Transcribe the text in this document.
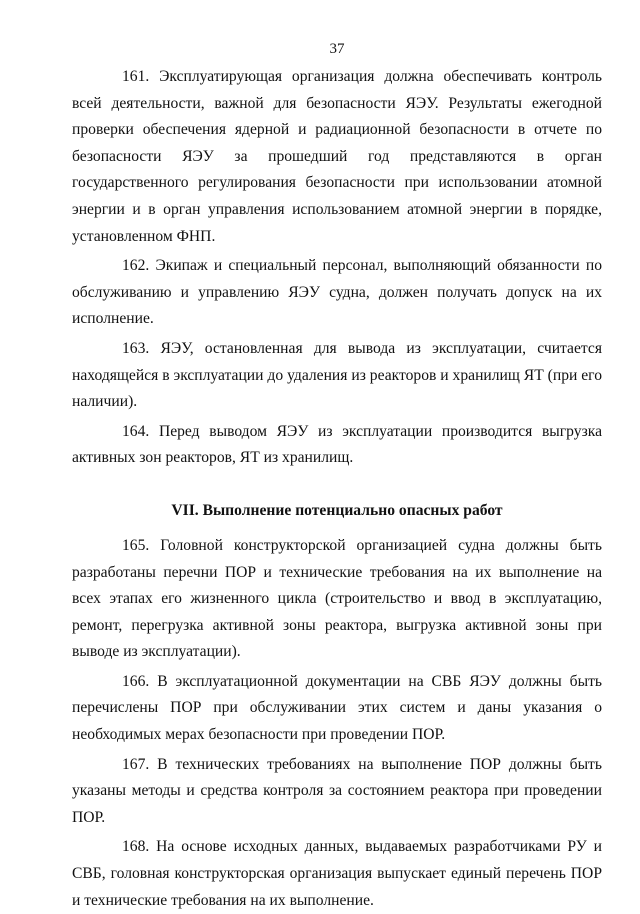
37

161. Эксплуатирующая организация должна обеспечивать контроль всей деятельности, важной для безопасности ЯЭУ. Результаты ежегодной проверки обеспечения ядерной и радиационной безопасности в отчете по безопасности ЯЭУ за прошедший год представляются в орган государственного регулирования безопасности при использовании атомной энергии и в орган управления использованием атомной энергии в порядке, установленном ФНП.

162. Экипаж и специальный персонал, выполняющий обязанности по обслуживанию и управлению ЯЭУ судна, должен получать допуск на их исполнение.

163. ЯЭУ, остановленная для вывода из эксплуатации, считается находящейся в эксплуатации до удаления из реакторов и хранилищ ЯТ (при его наличии).

164. Перед выводом ЯЭУ из эксплуатации производится выгрузка активных зон реакторов, ЯТ из хранилищ.

VII. Выполнение потенциально опасных работ

165. Головной конструкторской организацией судна должны быть разработаны перечни ПОР и технические требования на их выполнение на всех этапах его жизненного цикла (строительство и ввод в эксплуатацию, ремонт, перегрузка активной зоны реактора, выгрузка активной зоны при выводе из эксплуатации).

166. В эксплуатационной документации на СВБ ЯЭУ должны быть перечислены ПОР при обслуживании этих систем и даны указания о необходимых мерах безопасности при проведении ПОР.

167. В технических требованиях на выполнение ПОР должны быть указаны методы и средства контроля за состоянием реактора при проведении ПОР.

168. На основе исходных данных, выдаваемых разработчиками РУ и СВБ, головная конструкторская организация выпускает единый перечень ПОР и технические требования на их выполнение.
